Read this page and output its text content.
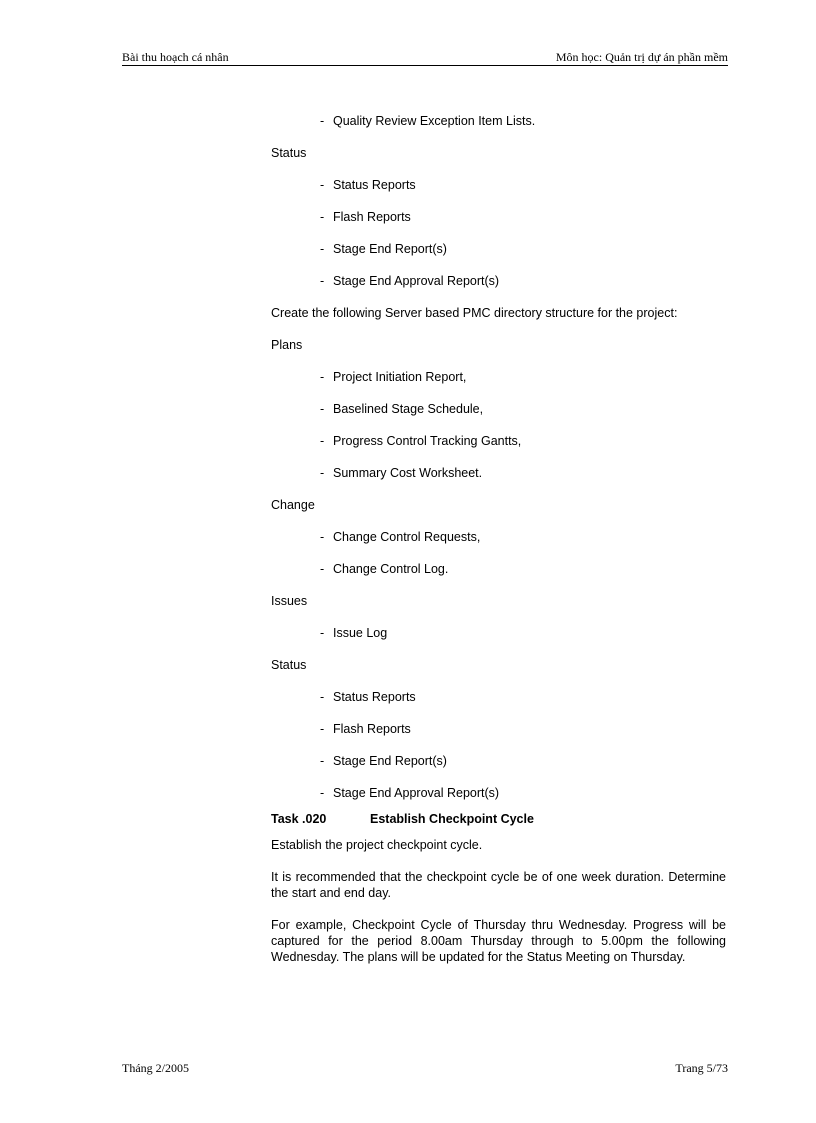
Bài thu hoạch cá nhân	Môn học: Quản trị dự án phần mềm
- Quality Review Exception Item Lists.
Status
- Status Reports
- Flash Reports
- Stage End Report(s)
- Stage End Approval Report(s)
Create the following Server based PMC directory structure for the project:
Plans
- Project Initiation Report,
- Baselined Stage Schedule,
- Progress Control Tracking Gantts,
- Summary Cost Worksheet.
Change
- Change Control Requests,
- Change Control Log.
Issues
- Issue Log
Status
- Status Reports
- Flash Reports
- Stage End Report(s)
- Stage End Approval Report(s)
Task .020	Establish Checkpoint Cycle
Establish the project checkpoint cycle.
It is recommended that the checkpoint cycle be of one week duration. Determine the start and end day.
For example, Checkpoint Cycle of Thursday thru Wednesday. Progress will be captured for the period 8.00am Thursday through to 5.00pm the following Wednesday. The plans will be updated for the Status Meeting on Thursday.
Tháng 2/2005	Trang 5/73
